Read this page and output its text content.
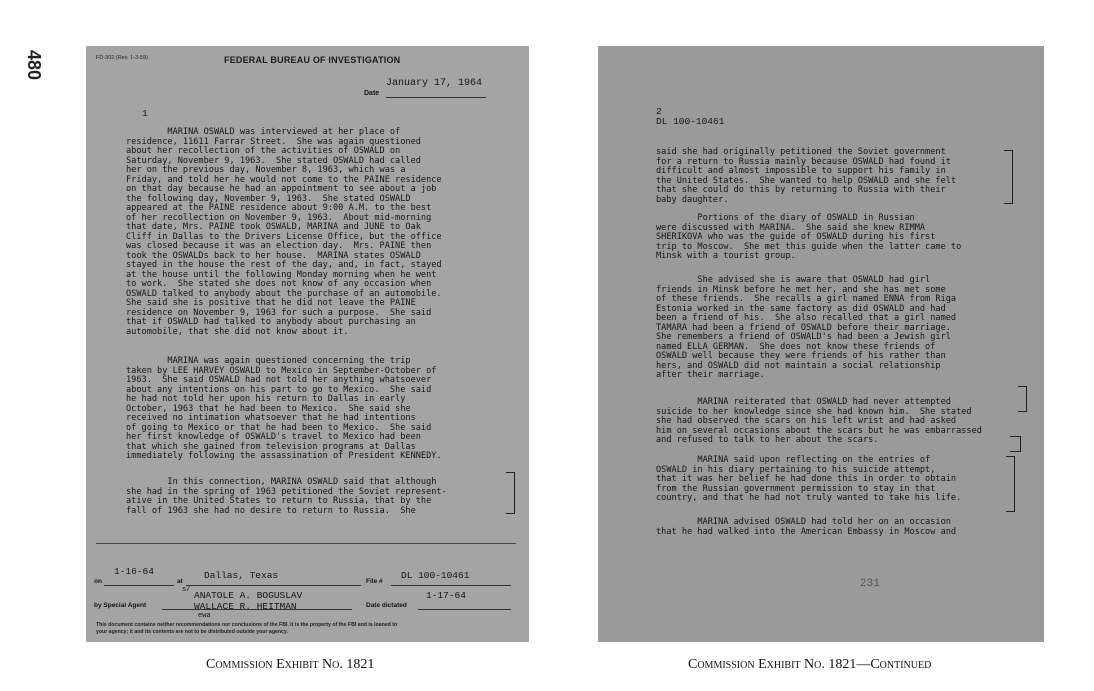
480	FD-302 (Rev. 1-3-59)	FEDERAL BUREAU OF INVESTIGATION
January 17, 1964
Date
1
MARINA OSWALD was interviewed at her place of
residence, 11611 Farrar Street.  She was again questioned
about her recollection of the activities of OSWALD on
Saturday, November 9, 1963.  She stated OSWALD had called
her on the previous day, November 8, 1963, which was a
Friday, and told her he would not come to the PAINE residence
on that day because he had an appointment to see about a job
the following day, November 9, 1963.  She stated OSWALD
appeared at the PAINE residence about 9:00 A.M. to the best
of her recollection on November 9, 1963.  About mid-morning
that date, Mrs. PAINE took OSWALD, MARINA and JUNE to Oak
Cliff in Dallas to the Drivers License Office, but the office
was closed because it was an election day.  Mrs. PAINE then
took the OSWALDs back to her house.  MARINA states OSWALD
stayed in the house the rest of the day, and, in fact, stayed
at the house until the following Monday morning when he went
to work.  She stated she does not know of any occasion when
OSWALD talked to anybody about the purchase of an automobile.
She said she is positive that he did not leave the PAINE
residence on November 9, 1963 for such a purpose.  She said
that if OSWALD had talked to anybody about purchasing an
automobile, that she did not know about it.
MARINA was again questioned concerning the trip
taken by LEE HARVEY OSWALD to Mexico in September-October of
1963.  She said OSWALD had not told her anything whatsoever
about any intentions on his part to go to Mexico.  She said
he had not told her upon his return to Dallas in early
October, 1963 that he had been to Mexico.  She said she
received no intimation whatsoever that he had intentions
of going to Mexico or that he had been to Mexico.  She said
her first knowledge of OSWALD's travel to Mexico had been
that which she gained from television programs at Dallas
immediately following the assassination of President KENNEDY.
In this connection, MARINA OSWALD said that although
she had in the spring of 1963 petitioned the Soviet represent-
ative in the United States to return to Russia, that by the
fall of 1963 she had no desire to return to Russia.  She
1-16-64
on	at
Dallas, Texas
File #
DL 100-10461
s/ ANATOLE A. BOGUSLAV
WALLACE R. HEITMAN
ewa
by Special Agent	Date dictated
1-17-64
This document contains neither recommendations nor conclusions of the FBI. It is the property of the FBI and is loaned to
your agency; it and its contents are not to be distributed outside your agency.
2
DL 100-10461
said she had originally petitioned the Soviet government
for a return to Russia mainly because OSWALD had found it
difficult and almost impossible to support his family in
the United States.  She wanted to help OSWALD and she felt
that she could do this by returning to Russia with their
baby daughter.
Portions of the diary of OSWALD in Russian
were discussed with MARINA.  She said she knew RIMMA
SHERIKOVA who was the guide of OSWALD during his first
trip to Moscow.  She met this guide when the latter came to
Minsk with a tourist group.
She advised she is aware that OSWALD had girl
friends in Minsk before he met her, and she has met some
of these friends.  She recalls a girl named ENNA from Riga
Estonia worked in the same factory as did OSWALD and had
been a friend of his.  She also recalled that a girl named
TAMARA had been a friend of OSWALD before their marriage.
She remembers a friend of OSWALD's had been a Jewish girl
named ELLA GERMAN.  She does not know these friends of
OSWALD well because they were friends of his rather than
hers, and OSWALD did not maintain a social relationship
after their marriage.
MARINA reiterated that OSWALD had never attempted
suicide to her knowledge since she had known him.  She stated
she had observed the scars on his left wrist and had asked
him on several occasions about the scars but he was embarrassed
and refused to talk to her about the scars.
MARINA said upon reflecting on the entries of
OSWALD in his diary pertaining to his suicide attempt,
that it was her belief he had done this in order to obtain
from the Russian government permission to stay in that
country, and that he had not truly wanted to take his life.
MARINA advised OSWALD had told her on an occasion
that he had walked into the American Embassy in Moscow and
231
Commission Exhibit No. 1821	Commission Exhibit No. 1821—Continued
